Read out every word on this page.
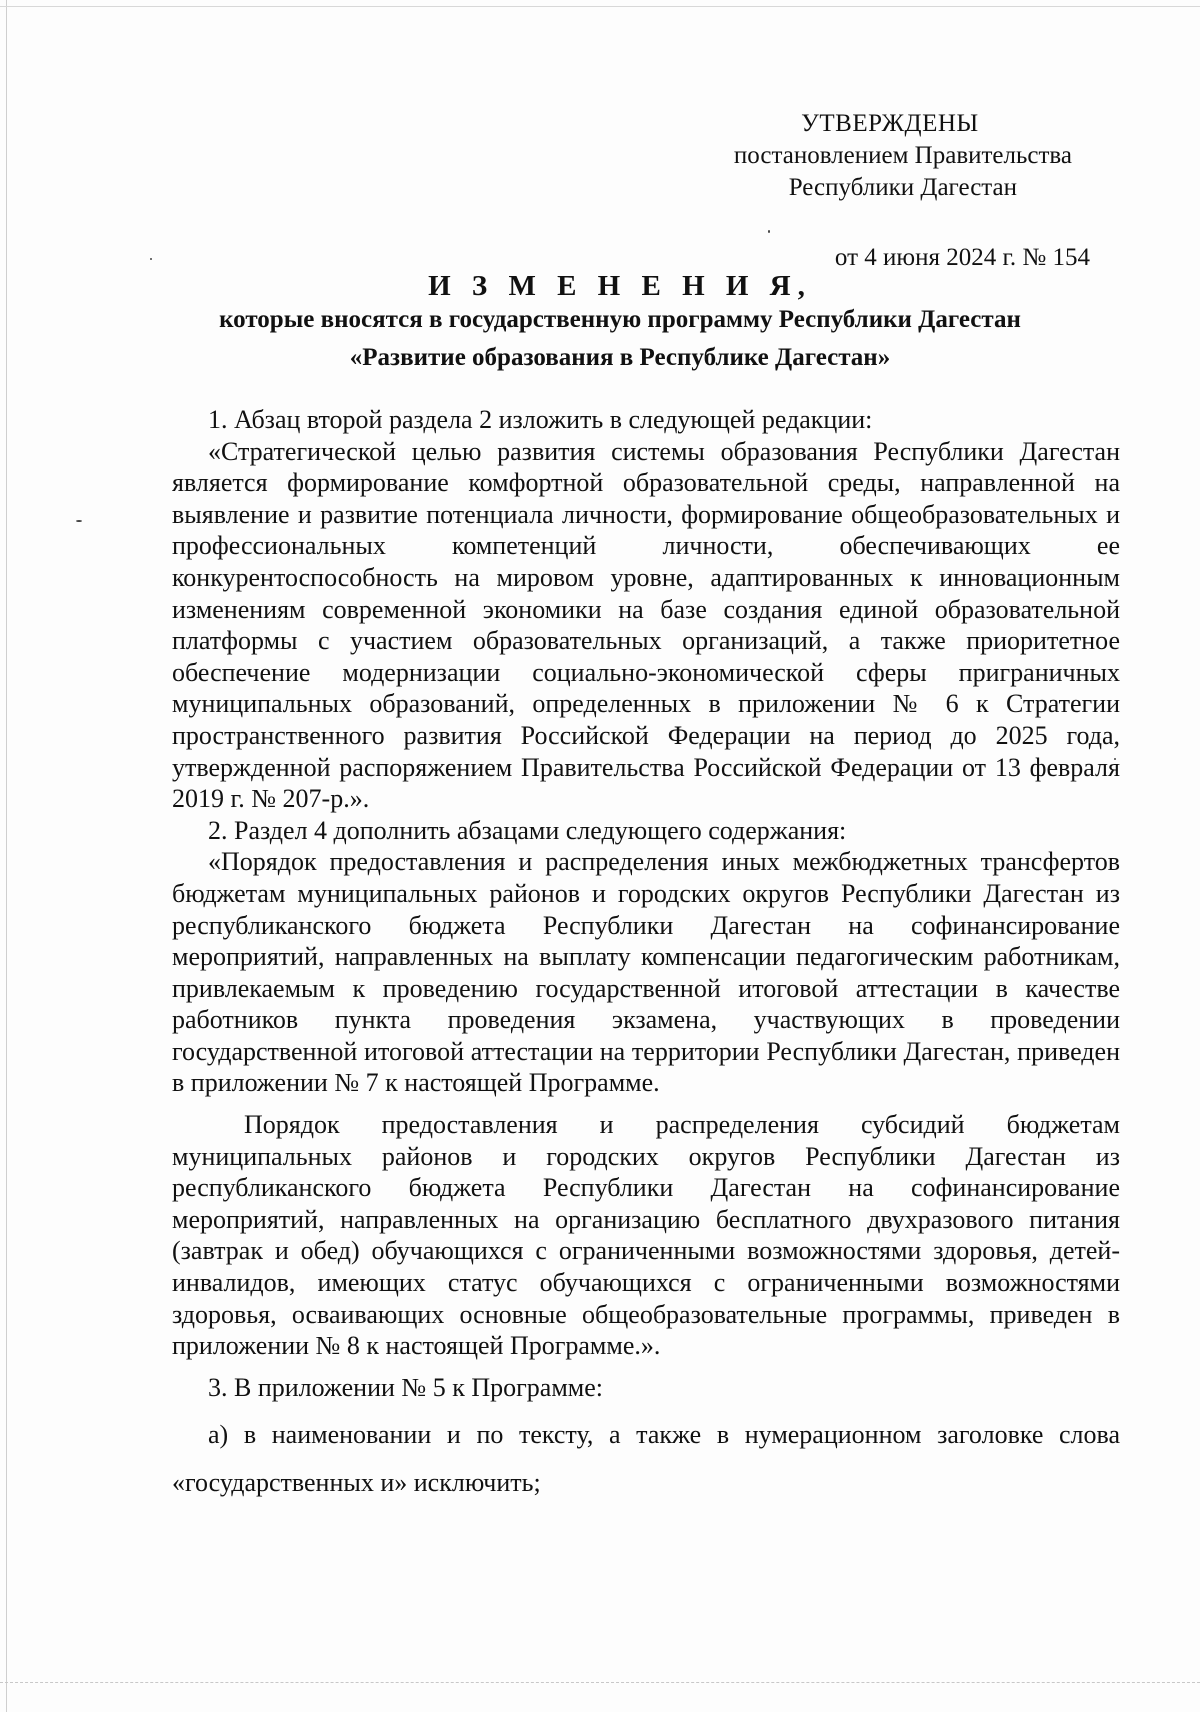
УТВЕРЖДЕНЫ
постановлением Правительства
Республики Дагестан
от 4 июня 2024 г. № 154
И З М Е Н Е Н И Я,
которые вносятся в государственную программу Республики Дагестан
«Развитие образования в Республике Дагестан»

1. Абзац второй раздела 2 изложить в следующей редакции:

«Стратегической целью развития системы образования Республики Дагестан является формирование комфортной образовательной среды, направленной на выявление и развитие потенциала личности, формирование общеобразовательных и профессиональных компетенций личности, обеспечивающих ее конкурентоспособность на мировом уровне, адаптированных к инновационным изменениям современной экономики на базе создания единой образовательной платформы с участием образовательных организаций, а также приоритетное обеспечение модернизации социально-экономической сферы приграничных муниципальных образований, определенных в приложении № 6 к Стратегии пространственного развития Российской Федерации на период до 2025 года, утвержденной распоряжением Правительства Российской Федерации от 13 февраля 2019 г. № 207-р.».

2. Раздел 4 дополнить абзацами следующего содержания:

«Порядок предоставления и распределения иных межбюджетных трансфертов бюджетам муниципальных районов и городских округов Республики Дагестан из республиканского бюджета Республики Дагестан на софинансирование мероприятий, направленных на выплату компенсации педагогическим работникам, привлекаемым к проведению государственной итоговой аттестации в качестве работников пункта проведения экзамена, участвующих в проведении государственной итоговой аттестации на территории Республики Дагестан, приведен в приложении № 7 к настоящей Программе.

Порядок предоставления и распределения субсидий бюджетам муниципальных районов и городских округов Республики Дагестан из республиканского бюджета Республики Дагестан на софинансирование мероприятий, направленных на организацию бесплатного двухразового питания (завтрак и обед) обучающихся с ограниченными возможностями здоровья, детей-инвалидов, имеющих статус обучающихся с ограниченными возможностями здоровья, осваивающих основные общеобразовательные программы, приведен в приложении № 8 к настоящей Программе.».

3. В приложении № 5 к Программе:

а) в наименовании и по тексту, а также в нумерационном заголовке слова «государственных и» исключить;
